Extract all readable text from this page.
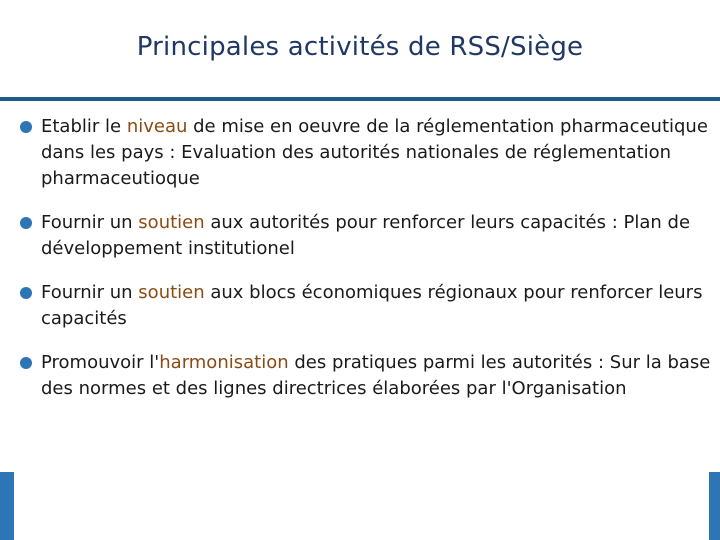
Principales activités de RSS/Siège
Etablir le niveau de mise en oeuvre de la réglementation pharmaceutique dans les pays : Evaluation des autorités nationales de réglementation pharmaceutioque
Fournir un soutien aux autorités pour renforcer leurs capacités : Plan de développement institutionel
Fournir un soutien aux blocs économiques régionaux pour renforcer leurs capacités
Promouvoir l'harmonisation des pratiques parmi les autorités : Sur la base des normes et des lignes directrices élaborées par l'Organisation
